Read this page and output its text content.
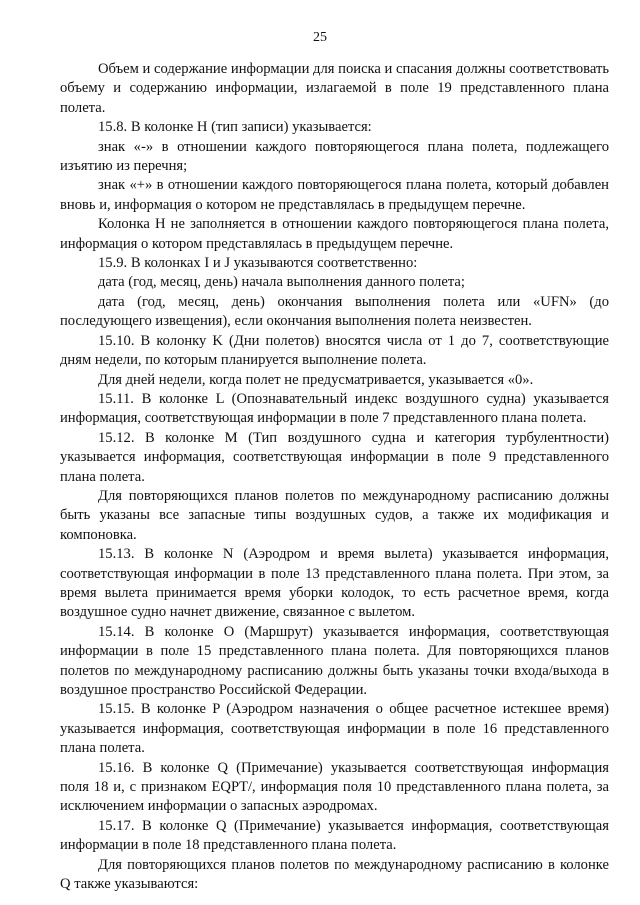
25

Объем и содержание информации для поиска и спасания должны соответствовать объему и содержанию информации, излагаемой в поле 19 представленного плана полета.

15.8. В колонке H (тип записи) указывается:

знак «-» в отношении каждого повторяющегося плана полета, подлежащего изъятию из перечня;

знак «+» в отношении каждого повторяющегося плана полета, который добавлен вновь и, информация о котором не представлялась в предыдущем перечне.

Колонка H не заполняется в отношении каждого повторяющегося плана полета, информация о котором представлялась в предыдущем перечне.

15.9. В колонках I и J указываются соответственно:

дата (год, месяц, день) начала выполнения данного полета;

дата (год, месяц, день) окончания выполнения полета или «UFN» (до последующего извещения), если окончания выполнения полета неизвестен.

15.10. В колонку K (Дни полетов) вносятся числа от 1 до 7, соответствующие дням недели, по которым планируется выполнение полета.

Для дней недели, когда полет не предусматривается, указывается «0».

15.11. В колонке L (Опознавательный индекс воздушного судна) указывается информация, соответствующая информации в поле 7 представленного плана полета.

15.12. В колонке M (Тип воздушного судна и категория турбулентности) указывается информация, соответствующая информации в поле 9 представленного плана полета.

Для повторяющихся планов полетов по международному расписанию должны быть указаны все запасные типы воздушных судов, а также их модификация и компоновка.

15.13. В колонке N (Аэродром и время вылета) указывается информация, соответствующая информации в поле 13 представленного плана полета. При этом, за время вылета принимается время уборки колодок, то есть расчетное время, когда воздушное судно начнет движение, связанное с вылетом.

15.14. В колонке O (Маршрут) указывается информация, соответствующая информации в поле 15 представленного плана полета. Для повторяющихся планов полетов по международному расписанию должны быть указаны точки входа/выхода в воздушное пространство Российской Федерации.

15.15. В колонке P (Аэродром назначения о общее расчетное истекшее время) указывается информация, соответствующая информации в поле 16 представленного плана полета.

15.16. В колонке Q (Примечание) указывается соответствующая информация поля 18 и, с признаком EQPT/, информация поля 10 представленного плана полета, за исключением информации о запасных аэродромах.

15.17. В колонке Q (Примечание) указывается информация, соответствующая информации в поле 18 представленного плана полета.

Для повторяющихся планов полетов по международному расписанию в колонке Q также указываются:
